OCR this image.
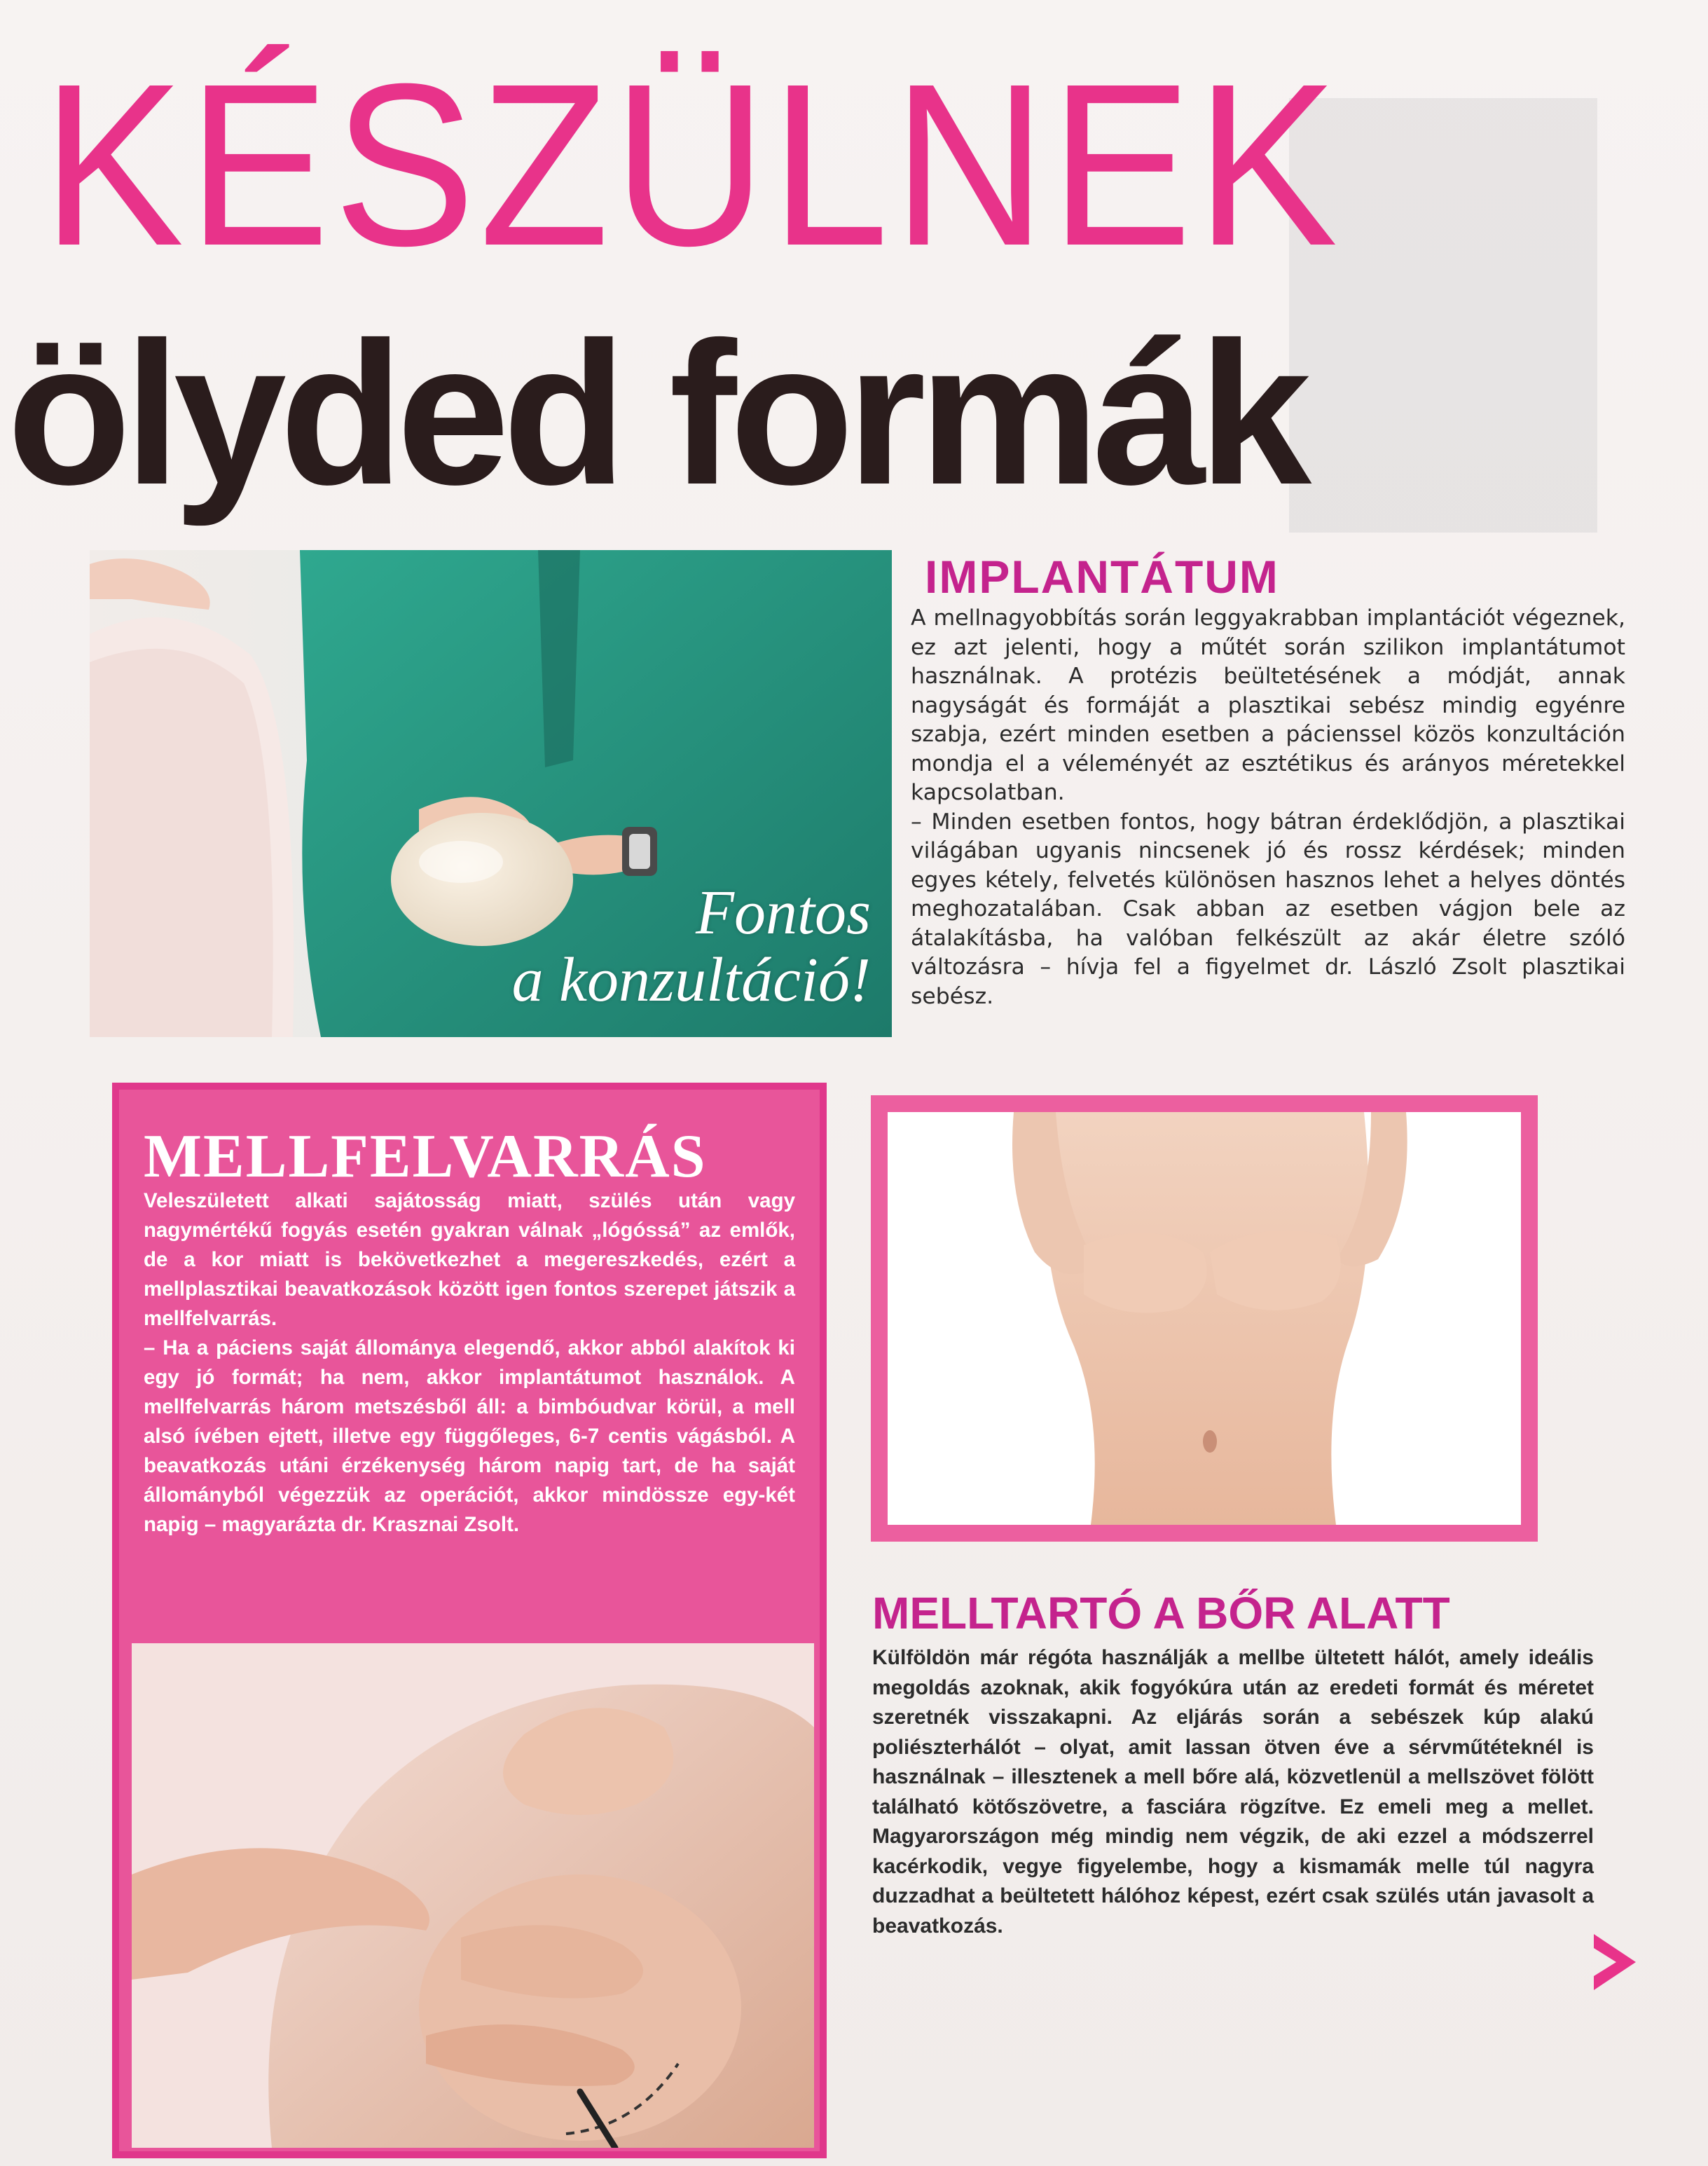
KÉSZÜLNEK
ölyded formák
Fontos
a konzultáció!
IMPLANTÁTUM

A mellnagyobbítás során leggyakrabban implantációt végeznek, ez azt jelenti, hogy a műtét során szilikon implantátumot használnak. A protézis beültetésének a módját, annak nagyságát és formáját a plasztikai sebész mindig egyénre szabja, ezért minden esetben a pácienssel közös konzultáción mondja el a véleményét az esztétikus és arányos méretekkel kapcsolatban.

– Minden esetben fontos, hogy bátran érdeklődjön, a plasztikai világában ugyanis nincsenek jó és rossz kérdések; minden egyes kétely, felvetés különösen hasznos lehet a helyes döntés meghozatalában. Csak abban az esetben vágjon bele az átalakításba, ha valóban felkészült az akár életre szóló változásra – hívja fel a figyelmet dr. László Zsolt plasztikai sebész.

MELLFELVARRÁS

Veleszületett alkati sajátosság miatt, szülés után vagy nagymértékű fogyás esetén gyakran válnak „lógóssá” az emlők, de a kor miatt is bekövetkezhet a megereszkedés, ezért a mellplasztikai beavatkozások között igen fontos szerepet játszik a mellfelvarrás.

– Ha a páciens saját állománya elegendő, akkor abból alakítok ki egy jó formát; ha nem, akkor implantátumot használok. A mellfelvarrás három metszésből áll: a bimbóudvar körül, a mell alsó ívében ejtett, illetve egy függőleges, 6-7 centis vágásból. A beavatkozás utáni érzékenység három napig tart, de ha saját állományból végezzük az operációt, akkor mindössze egy-két napig – magyarázta dr. Krasznai Zsolt.

MELLTARTÓ A BŐR ALATT

Külföldön már régóta használják a mellbe ültetett hálót, amely ideális megoldás azoknak, akik fogyókúra után az eredeti formát és méretet szeretnék visszakapni. Az eljárás során a sebészek kúp alakú poliészterhálót – olyat, amit lassan ötven éve a sérvműtéteknél is használnak – illesztenek a mell bőre alá, közvetlenül a mellszövet fölött található kötőszövetre, a fasciára rögzítve. Ez emeli meg a mellet. Magyarországon még mindig nem végzik, de aki ezzel a módszerrel kacérkodik, vegye figyelembe, hogy a kismamák melle túl nagyra duzzadhat a beültetett hálóhoz képest, ezért csak szülés után javasolt a beavatkozás.
